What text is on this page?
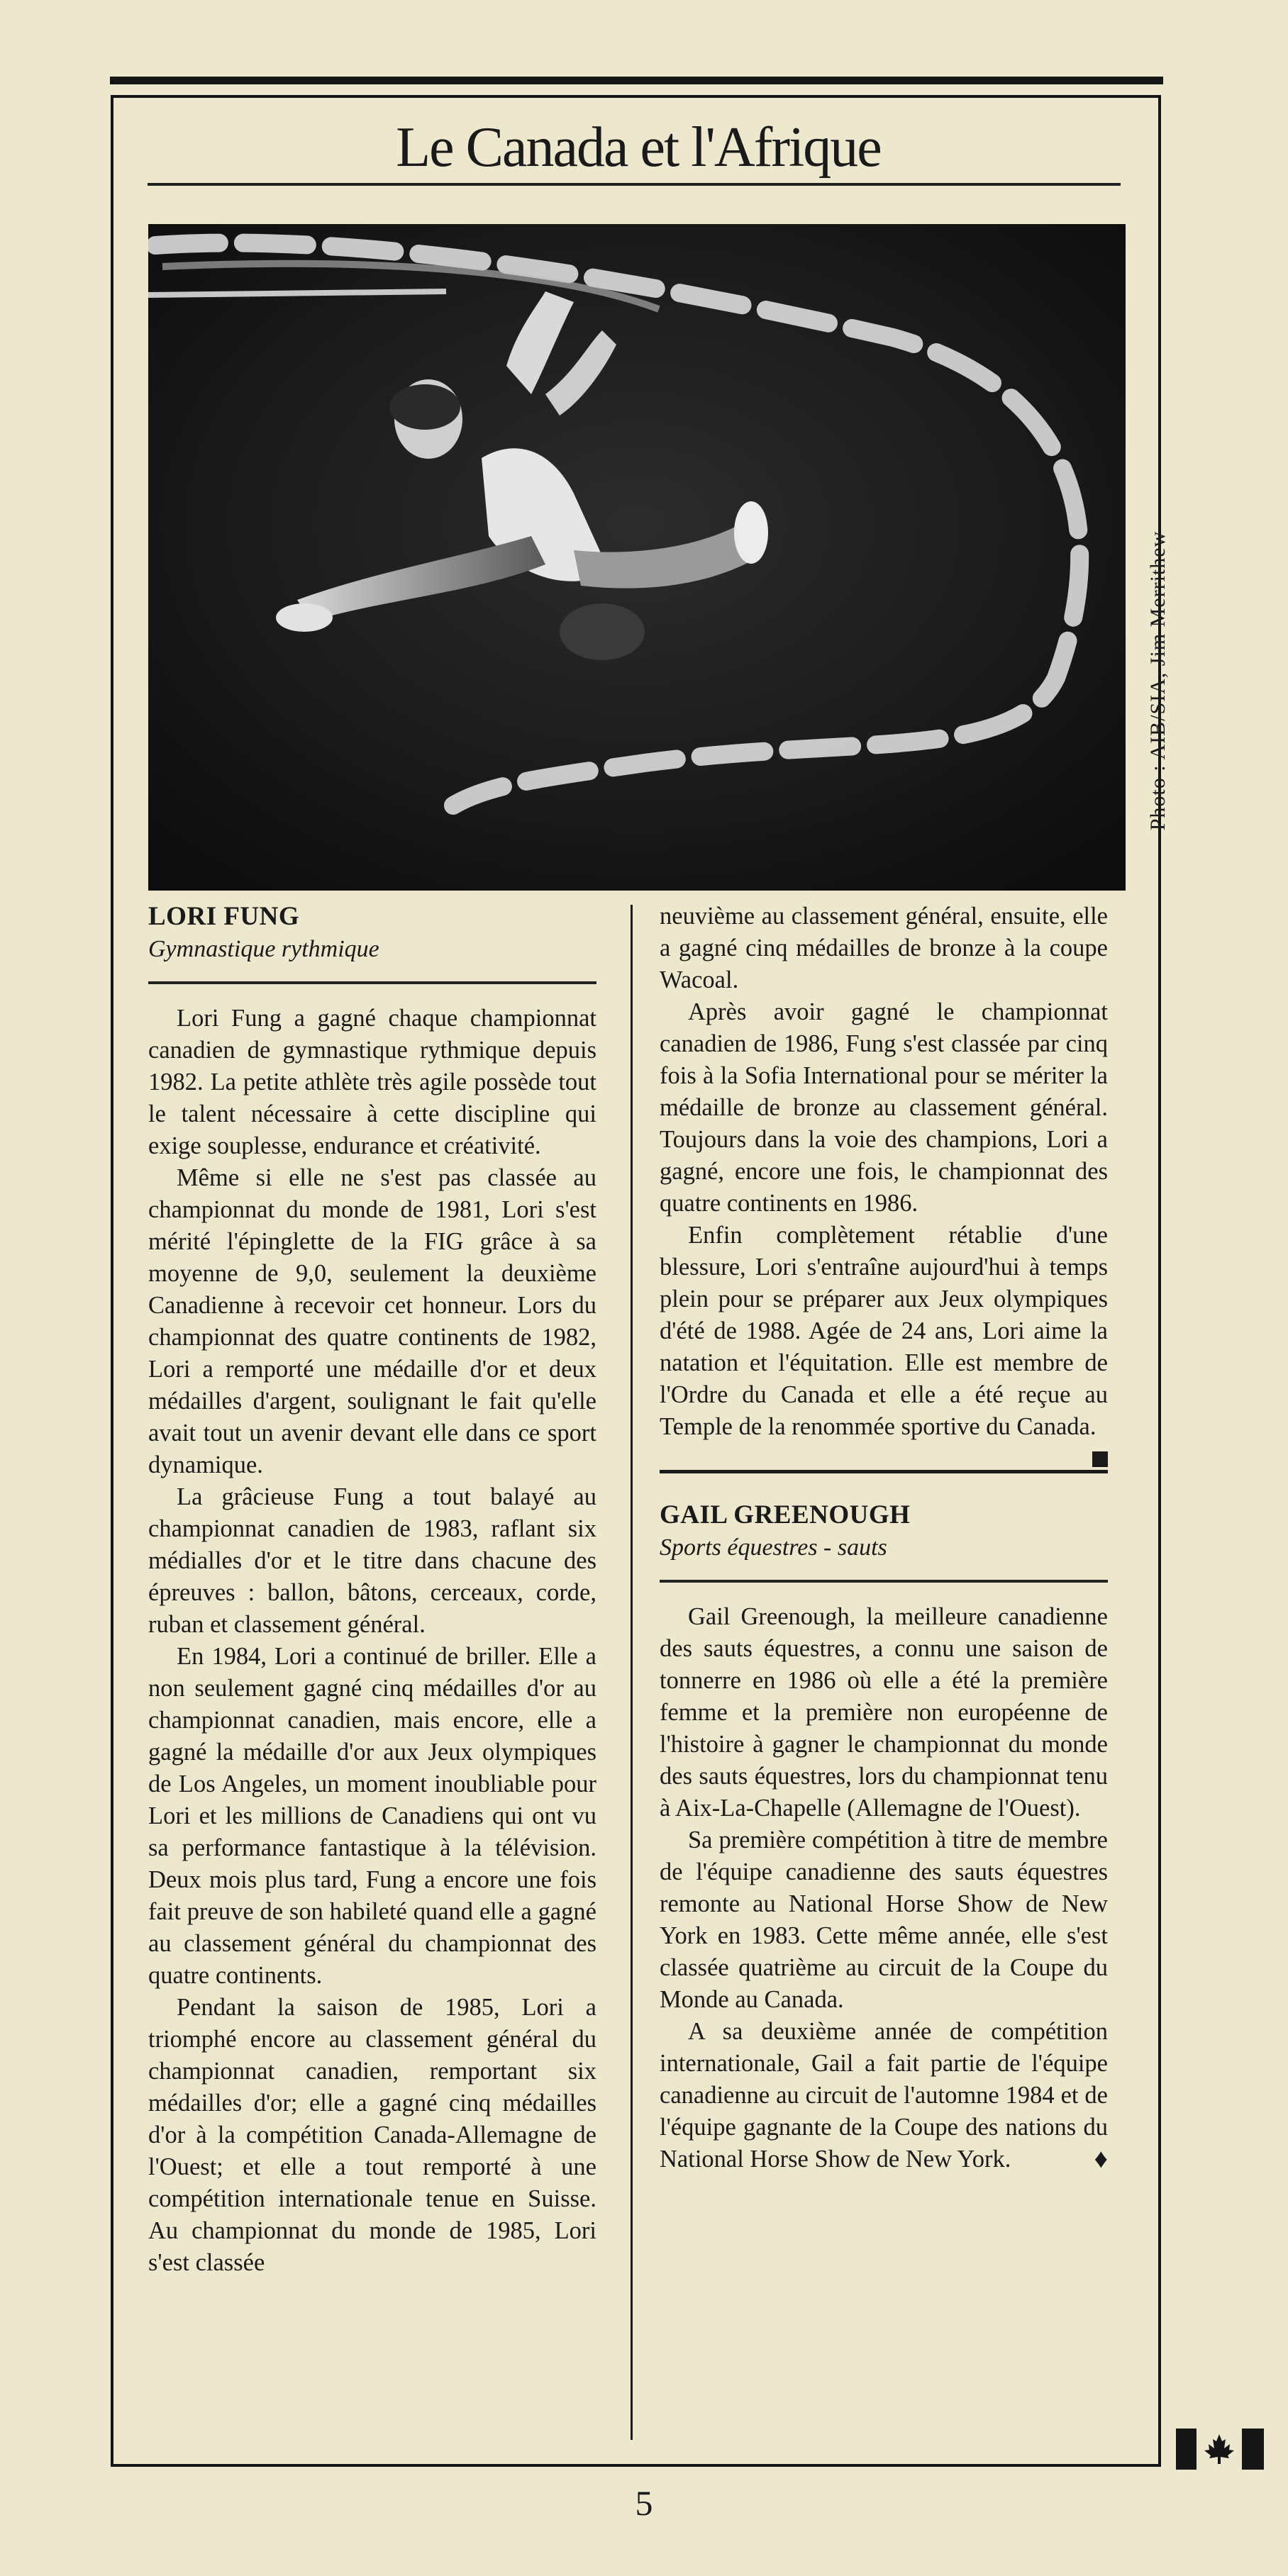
Le Canada et l'Afrique
Photo : AIB/SIA, Jim Merrithew

LORI FUNG

Gymnastique rythmique

Lori Fung a gagné chaque championnat canadien de gymnastique rythmique depuis 1982. La petite athlète très agile possède tout le talent nécessaire à cette discipline qui exige souplesse, endurance et créativité.

Même si elle ne s'est pas classée au championnat du monde de 1981, Lori s'est mérité l'épinglette de la FIG grâce à sa moyenne de 9,0, seulement la deuxième Canadienne à recevoir cet honneur. Lors du championnat des quatre continents de 1982, Lori a remporté une médaille d'or et deux médailles d'argent, soulignant le fait qu'elle avait tout un avenir devant elle dans ce sport dynamique.

La grâcieuse Fung a tout balayé au championnat canadien de 1983, raflant six médialles d'or et le titre dans chacune des épreuves : ballon, bâtons, cerceaux, corde, ruban et classement général.

En 1984, Lori a continué de briller. Elle a non seulement gagné cinq médailles d'or au championnat canadien, mais encore, elle a gagné la médaille d'or aux Jeux olympiques de Los Angeles, un moment inoubliable pour Lori et les millions de Canadiens qui ont vu sa performance fantastique à la télévision. Deux mois plus tard, Fung a encore une fois fait preuve de son habileté quand elle a gagné au classement général du championnat des quatre continents.

Pendant la saison de 1985, Lori a triomphé encore au classement général du championnat canadien, remportant six médailles d'or; elle a gagné cinq médailles d'or à la compétition Canada-Allemagne de l'Ouest; et elle a tout remporté à une compétition internationale tenue en Suisse. Au championnat du monde de 1985, Lori s'est classée

neuvième au classement général, ensuite, elle a gagné cinq médailles de bronze à la coupe Wacoal.

Après avoir gagné le championnat canadien de 1986, Fung s'est classée par cinq fois à la Sofia International pour se mériter la médaille de bronze au classement général. Toujours dans la voie des champions, Lori a gagné, encore une fois, le championnat des quatre continents en 1986.

Enfin complètement rétablie d'une blessure, Lori s'entraîne aujourd'hui à temps plein pour se préparer aux Jeux olympiques d'été de 1988. Agée de 24 ans, Lori aime la natation et l'équitation. Elle est membre de l'Ordre du Canada et elle a été reçue au Temple de la renommée sportive du Canada.

GAIL GREENOUGH

Sports équestres - sauts

Gail Greenough, la meilleure canadienne des sauts équestres, a connu une saison de tonnerre en 1986 où elle a été la première femme et la première non européenne de l'histoire à gagner le championnat du monde des sauts équestres, lors du championnat tenu à Aix-La-Chapelle (Allemagne de l'Ouest).

Sa première compétition à titre de membre de l'équipe canadienne des sauts équestres remonte au National Horse Show de New York en 1983. Cette même année, elle s'est classée quatrième au circuit de la Coupe du Monde au Canada.

A sa deuxième année de compétition internationale, Gail a fait partie de l'équipe canadienne au circuit de l'automne 1984 et de l'équipe gagnante de la Coupe des nations du National Horse Show de New York.	♦

5
